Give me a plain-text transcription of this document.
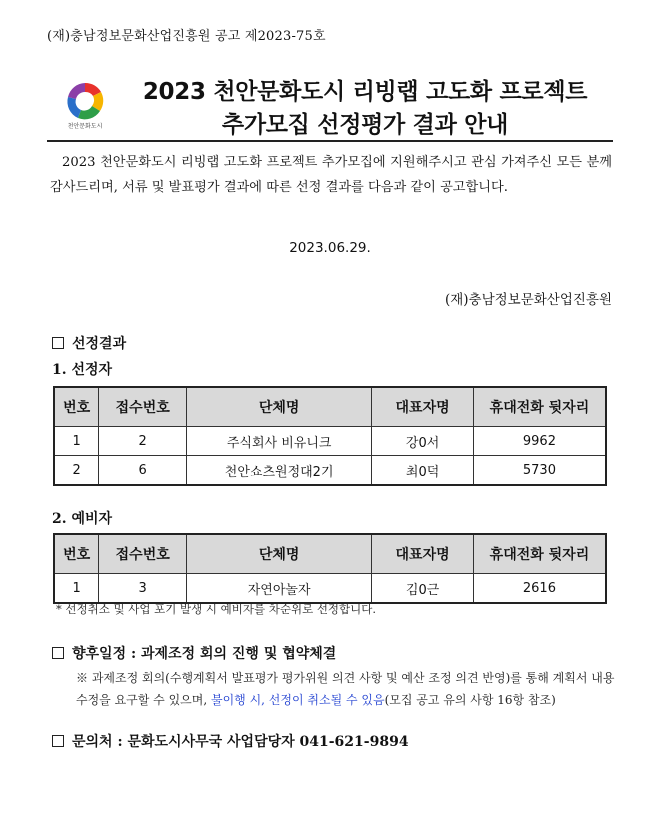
(재)충남정보문화산업진흥원 공고 제2023-75호
천안문화도시
2023 천안문화도시 리빙랩 고도화 프로젝트
추가모집 선정평가 결과 안내
2023 천안문화도시 리빙랩 고도화 프로젝트 추가모집에 지원해주시고 관심 가져주신 모든 분께 감사드리며, 서류 및 발표평가 결과에 따른 선정 결과를 다음과 같이 공고합니다.
2023.06.29.
(재)충남정보문화산업진흥원
선정결과
1. 선정자
번호	접수번호	단체명	대표자명	휴대전화 뒷자리
1	2	주식회사 비유니크	강0서	9962
2	6	천안쇼츠원정대2기	최0덕	5730
2. 예비자
번호	접수번호	단체명	대표자명	휴대전화 뒷자리
1	3	자연아놀자	김0근	2616
* 선정취소 및 사업 포기 발생 시 예비자를 차순위로 선정합니다.
향후일정 : 과제조정 회의 진행 및 협약체결
※ 과제조정 회의(수행계획서 발표평가 평가위원 의견 사항 및 예산 조정 의견 반영)를 통해 계획서 내용 수정을 요구할 수 있으며, 불이행 시, 선정이 취소될 수 있음(모집 공고 유의 사항 16항 참조)
문의처 : 문화도시사무국 사업담당자 041-621-9894
